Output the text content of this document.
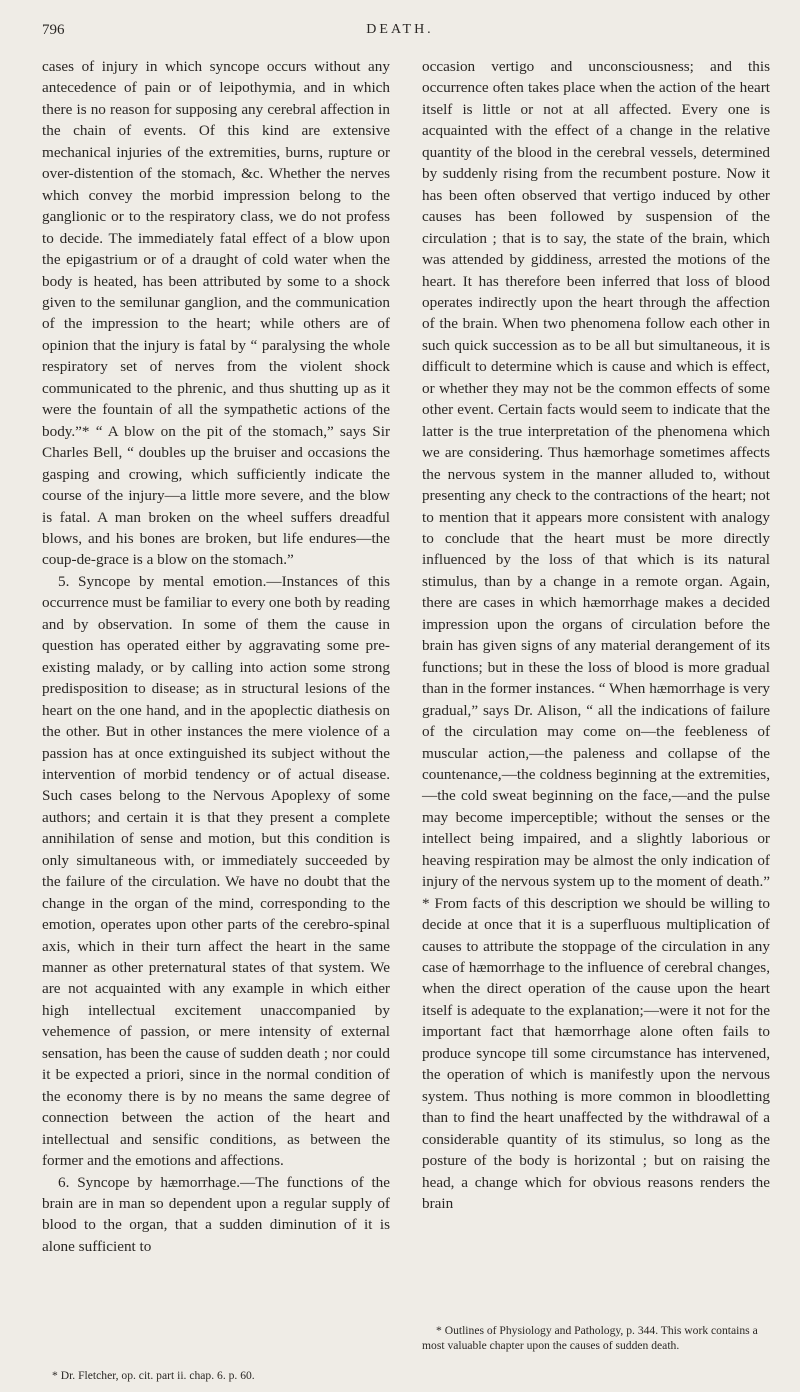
796	DEATH.

cases of injury in which syncope occurs without any antecedence of pain or of leipothymia, and in which there is no reason for supposing any cerebral affection in the chain of events. Of this kind are extensive mechanical injuries of the extremities, burns, rupture or over-distention of the stomach, &c. Whether the nerves which convey the morbid impression belong to the ganglionic or to the respiratory class, we do not profess to decide. The immediately fatal effect of a blow upon the epigastrium or of a draught of cold water when the body is heated, has been attributed by some to a shock given to the semilunar ganglion, and the communication of the impression to the heart; while others are of opinion that the injury is fatal by “ paralysing the whole respiratory set of nerves from the violent shock communicated to the phrenic, and thus shutting up as it were the fountain of all the sympathetic actions of the body.”* “ A blow on the pit of the stomach,” says Sir Charles Bell, “ doubles up the bruiser and occasions the gasping and crowing, which sufficiently indicate the course of the injury—a little more severe, and the blow is fatal. A man broken on the wheel suffers dreadful blows, and his bones are broken, but life endures—the coup-de-grace is a blow on the stomach.”

5. Syncope by mental emotion.—Instances of this occurrence must be familiar to every one both by reading and by observation. In some of them the cause in question has operated either by aggravating some pre-existing malady, or by calling into action some strong predisposition to disease; as in structural lesions of the heart on the one hand, and in the apoplectic diathesis on the other. But in other instances the mere violence of a passion has at once extinguished its subject without the intervention of morbid tendency or of actual disease. Such cases belong to the Nervous Apoplexy of some authors; and certain it is that they present a complete annihilation of sense and motion, but this condition is only simultaneous with, or immediately succeeded by the failure of the circulation. We have no doubt that the change in the organ of the mind, corresponding to the emotion, operates upon other parts of the cerebro-spinal axis, which in their turn affect the heart in the same manner as other preternatural states of that system. We are not acquainted with any example in which either high intellectual excitement unaccompanied by vehemence of passion, or mere intensity of external sensation, has been the cause of sudden death ; nor could it be expected a priori, since in the normal condition of the economy there is by no means the same degree of connection between the action of the heart and intellectual and sensific conditions, as between the former and the emotions and affections.

6. Syncope by hæmorrhage.—The functions of the brain are in man so dependent upon a regular supply of blood to the organ, that a sudden diminution of it is alone sufficient to

occasion vertigo and unconsciousness; and this occurrence often takes place when the action of the heart itself is little or not at all affected. Every one is acquainted with the effect of a change in the relative quantity of the blood in the cerebral vessels, determined by suddenly rising from the recumbent posture. Now it has been often observed that vertigo induced by other causes has been followed by suspension of the circulation ; that is to say, the state of the brain, which was attended by giddiness, arrested the motions of the heart. It has therefore been inferred that loss of blood operates indirectly upon the heart through the affection of the brain. When two phenomena follow each other in such quick succession as to be all but simultaneous, it is difficult to determine which is cause and which is effect, or whether they may not be the common effects of some other event. Certain facts would seem to indicate that the latter is the true interpretation of the phenomena which we are considering. Thus hæmorhage sometimes affects the nervous system in the manner alluded to, without presenting any check to the contractions of the heart; not to mention that it appears more consistent with analogy to conclude that the heart must be more directly influenced by the loss of that which is its natural stimulus, than by a change in a remote organ. Again, there are cases in which hæmorrhage makes a decided impression upon the organs of circulation before the brain has given signs of any material derangement of its functions; but in these the loss of blood is more gradual than in the former instances. “ When hæmorrhage is very gradual,” says Dr. Alison, “ all the indications of failure of the circulation may come on—the feebleness of muscular action,—the paleness and collapse of the countenance,—the coldness beginning at the extremities,—the cold sweat beginning on the face,—and the pulse may become imperceptible; without the senses or the intellect being impaired, and a slightly laborious or heaving respiration may be almost the only indication of injury of the nervous system up to the moment of death.” * From facts of this description we should be willing to decide at once that it is a superfluous multiplication of causes to attribute the stoppage of the circulation in any case of hæmorrhage to the influence of cerebral changes, when the direct operation of the cause upon the heart itself is adequate to the explanation;—were it not for the important fact that hæmorrhage alone often fails to produce syncope till some circumstance has intervened, the operation of which is manifestly upon the nervous system. Thus nothing is more common in bloodletting than to find the heart unaffected by the withdrawal of a considerable quantity of its stimulus, so long as the posture of the body is horizontal ; but on raising the head, a change which for obvious reasons renders the brain

* Dr. Fletcher, op. cit. part ii. chap. 6. p. 60.
* Outlines of Physiology and Pathology, p. 344. This work contains a most valuable chapter upon the causes of sudden death.
